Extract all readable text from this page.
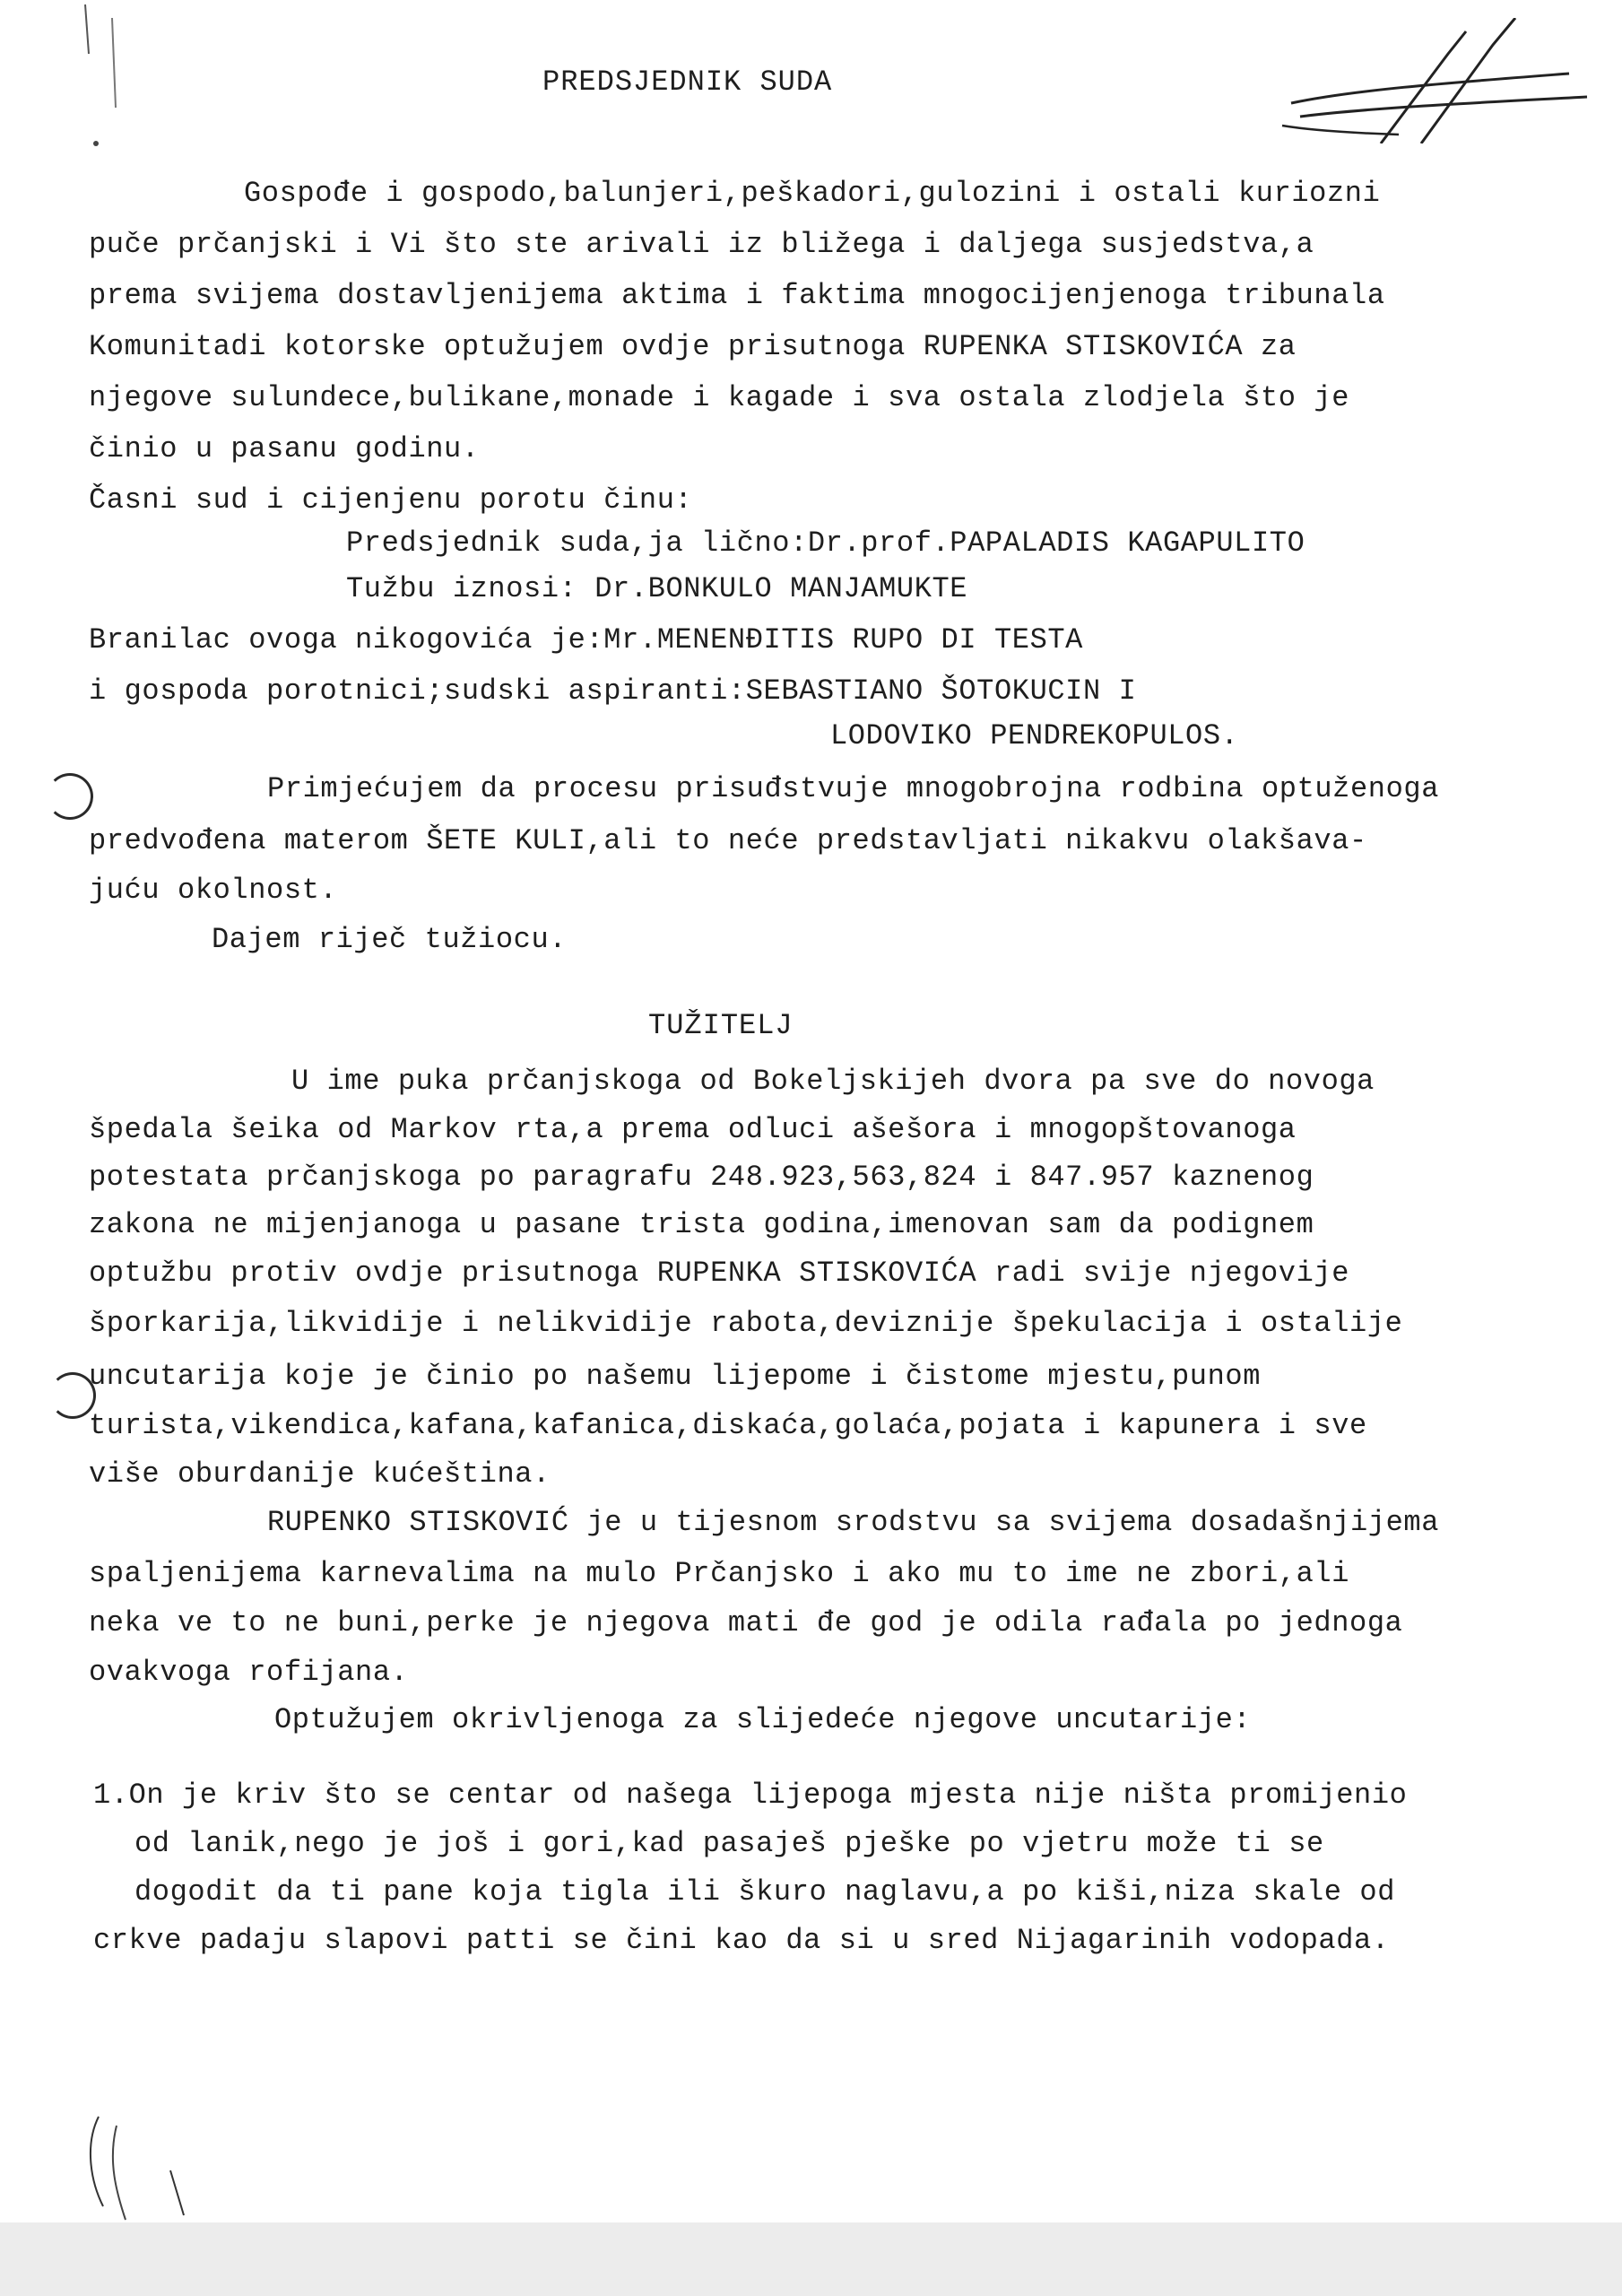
PREDSJEDNIK SUDA
Gospođe i gospodo,balunjeri,peškadori,gulozini i ostali kuriozni
puče prčanjski i Vi što ste arivali iz bližega i daljega susjedstva,a
prema svijema dostavljenijema aktima i faktima mnogocijenjenoga tribunala
Komunitadi kotorske optužujem ovdje prisutnoga RUPENKA STISKOVIĆA za
njegove sulundece,bulikane,monade i kagade i sva ostala zlodjela što je
činio u pasanu godinu.
Časni sud i cijenjenu porotu činu:
Predsjednik suda,ja lično:Dr.prof.PAPALADIS KAGAPULITO
Tužbu iznosi: Dr.BONKULO MANJAMUKTE
Branilac ovoga nikogovića je:Mr.MENENĐITIS RUPO DI TESTA
i gospoda porotnici;sudski aspiranti:SEBASTIANO ŠOTOKUCIN I
LODOVIKO PENDREKOPULOS.
Primjećujem da procesu prisuđstvuje mnogobrojna rodbina optuženoga
predvođena materom ŠETE KULI,ali to neće predstavljati nikakvu olakšava-
juću okolnost.
Dajem riječ tužiocu.
TUŽITELJ
U ime puka prčanjskoga od Bokeljskijeh dvora pa sve do novoga
špedala šeika od Markov rta,a prema odluci ašešora i mnogopštovanoga
potestata prčanjskoga po paragrafu 248.923,563,824 i 847.957 kaznenog
zakona ne mijenjanoga u pasane trista godina,imenovan sam da podignem
optužbu protiv ovdje prisutnoga RUPENKA STISKOVIĆA radi svije njegovije
šporkarija,likvidije i nelikvidije rabota,deviznije špekulacija i ostalije
uncutarija koje je činio po našemu lijepome i čistome mjestu,punom
turista,vikendica,kafana,kafanica,diskaća,golaća,pojata i kapunera i sve
više oburdanije kućeština.
RUPENKO STISKOVIĆ je u tijesnom srodstvu sa svijema dosadašnjijema
spaljenijema karnevalima na mulo Prčanjsko i ako mu to ime ne zbori,ali
neka ve to ne buni,perke je njegova mati đe god je odila rađala po jednoga
ovakvoga rofijana.
Optužujem okrivljenoga za slijedeće njegove uncutarije:
1.On je kriv što se centar od našega lijepoga mjesta nije ništa promijenio
od lanik,nego je još i gori,kad pasaješ pješke po vjetru može ti se
dogodit da ti pane koja tigla ili škuro naglavu,a po kiši,niza skale od
crkve padaju slapovi patti se čini kao da si u sred Nijagarinih vodopada.
